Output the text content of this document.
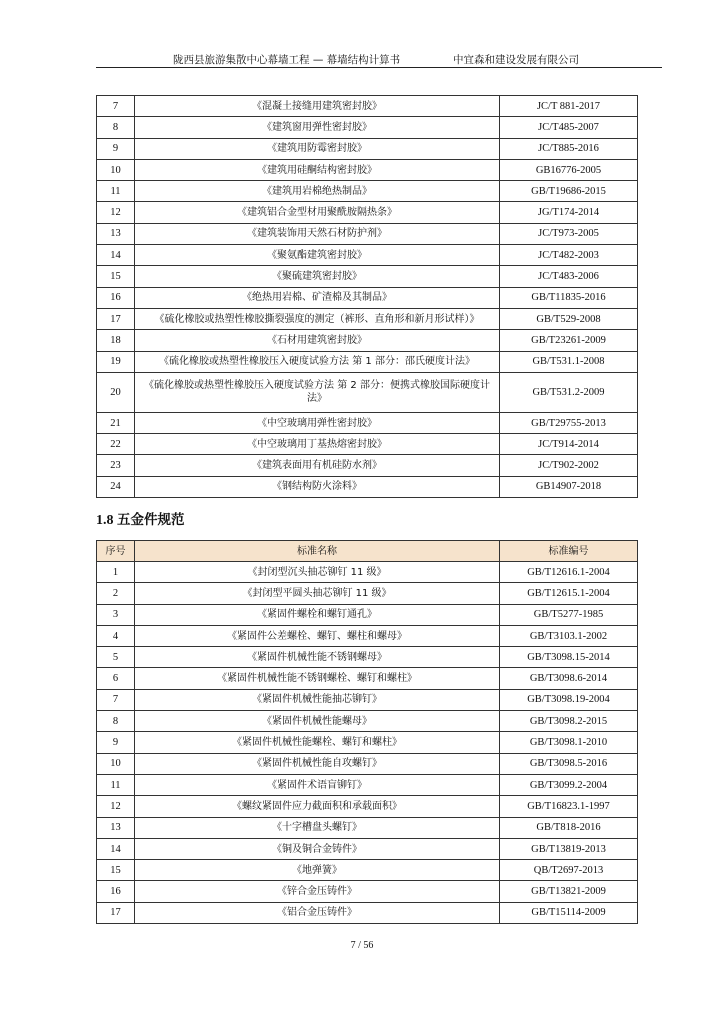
陇西县旅游集散中心幕墙工程 — 幕墙结构计算书	中宜森和建设发展有限公司
7	《混凝土接缝用建筑密封胶》	JC/T 881-2017
8	《建筑窗用弹性密封胶》	JC/T485-2007
9	《建筑用防霉密封胶》	JC/T885-2016
10	《建筑用硅酮结构密封胶》	GB16776-2005
11	《建筑用岩棉绝热制品》	GB/T19686-2015
12	《建筑铝合金型材用聚酰胺隔热条》	JG/T174-2014
13	《建筑装饰用天然石材防护剂》	JC/T973-2005
14	《聚氨酯建筑密封胶》	JC/T482-2003
15	《聚硫建筑密封胶》	JC/T483-2006
16	《绝热用岩棉、矿渣棉及其制品》	GB/T11835-2016
17	《硫化橡胶或热塑性橡胶撕裂强度的测定（裤形、直角形和新月形试样）》	GB/T529-2008
18	《石材用建筑密封胶》	GB/T23261-2009
19	《硫化橡胶或热塑性橡胶压入硬度试验方法 第 1 部分：邵氏硬度计法》	GB/T531.1-2008
20	《硫化橡胶或热塑性橡胶压入硬度试验方法 第 2 部分：便携式橡胶国际硬度计法》	GB/T531.2-2009
21	《中空玻璃用弹性密封胶》	GB/T29755-2013
22	《中空玻璃用丁基热熔密封胶》	JC/T914-2014
23	《建筑表面用有机硅防水剂》	JC/T902-2002
24	《钢结构防火涂料》	GB14907-2018
1.8 五金件规范
序号	标准名称	标准编号
1	《封闭型沉头抽芯铆钉 11 级》	GB/T12616.1-2004
2	《封闭型平圆头抽芯铆钉 11 级》	GB/T12615.1-2004
3	《紧固件螺栓和螺钉通孔》	GB/T5277-1985
4	《紧固件公差螺栓、螺钉、螺柱和螺母》	GB/T3103.1-2002
5	《紧固件机械性能不锈钢螺母》	GB/T3098.15-2014
6	《紧固件机械性能不锈钢螺栓、螺钉和螺柱》	GB/T3098.6-2014
7	《紧固件机械性能抽芯铆钉》	GB/T3098.19-2004
8	《紧固件机械性能螺母》	GB/T3098.2-2015
9	《紧固件机械性能螺栓、螺钉和螺柱》	GB/T3098.1-2010
10	《紧固件机械性能自攻螺钉》	GB/T3098.5-2016
11	《紧固件术语盲铆钉》	GB/T3099.2-2004
12	《螺纹紧固件应力截面积和承载面积》	GB/T16823.1-1997
13	《十字槽盘头螺钉》	GB/T818-2016
14	《铜及铜合金铸件》	GB/T13819-2013
15	《地弹簧》	QB/T2697-2013
16	《锌合金压铸件》	GB/T13821-2009
17	《铝合金压铸件》	GB/T15114-2009
7 / 56
